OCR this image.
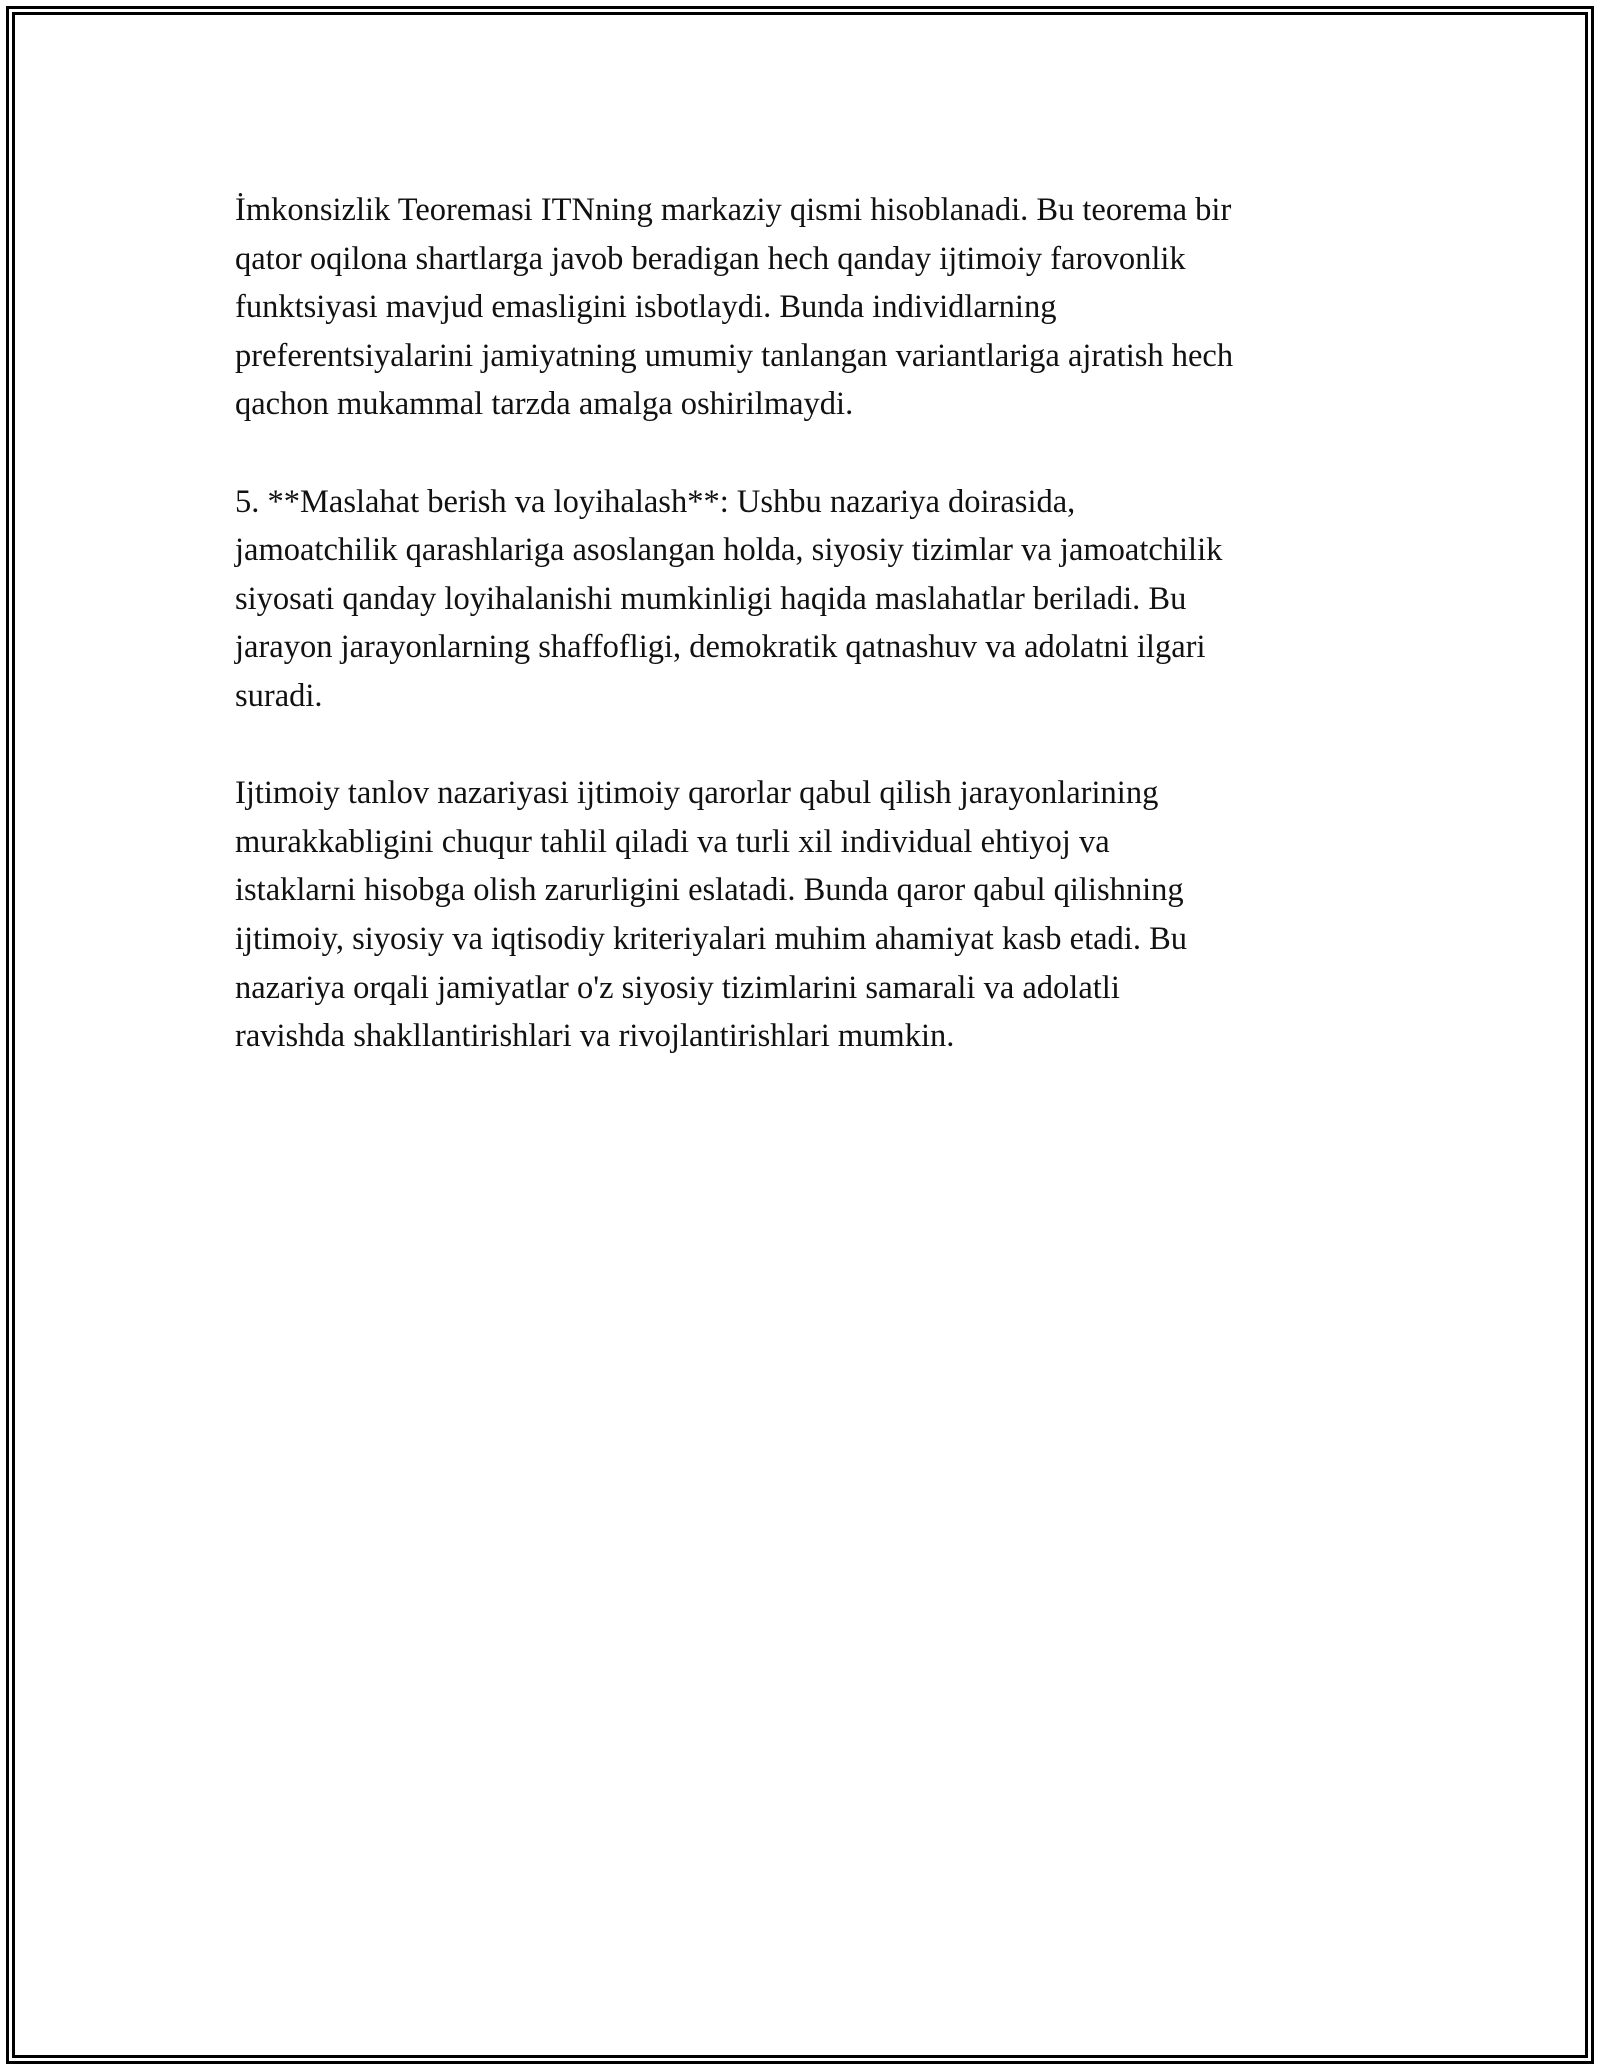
İmkonsizlik Teoremasi ITNning markaziy qismi hisoblanadi. Bu teorema bir
qator oqilona shartlarga javob beradigan hech qanday ijtimoiy farovonlik
funktsiyasi mavjud emasligini isbotlaydi. Bunda individlarning
preferentsiyalarini jamiyatning umumiy tanlangan variantlariga ajratish hech
qachon mukammal tarzda amalga oshirilmaydi.
5. **Maslahat berish va loyihalash**: Ushbu nazariya doirasida,
jamoatchilik qarashlariga asoslangan holda, siyosiy tizimlar va jamoatchilik
siyosati qanday loyihalanishi mumkinligi haqida maslahatlar beriladi. Bu
jarayon jarayonlarning shaffofligi, demokratik qatnashuv va adolatni ilgari
suradi.
Ijtimoiy tanlov nazariyasi ijtimoiy qarorlar qabul qilish jarayonlarining
murakkabligini chuqur tahlil qiladi va turli xil individual ehtiyoj va
istaklarni hisobga olish zarurligini eslatadi. Bunda qaror qabul qilishning
ijtimoiy, siyosiy va iqtisodiy kriteriyalari muhim ahamiyat kasb etadi. Bu
nazariya orqali jamiyatlar o'z siyosiy tizimlarini samarali va adolatli
ravishda shakllantirishlari va rivojlantirishlari mumkin.
